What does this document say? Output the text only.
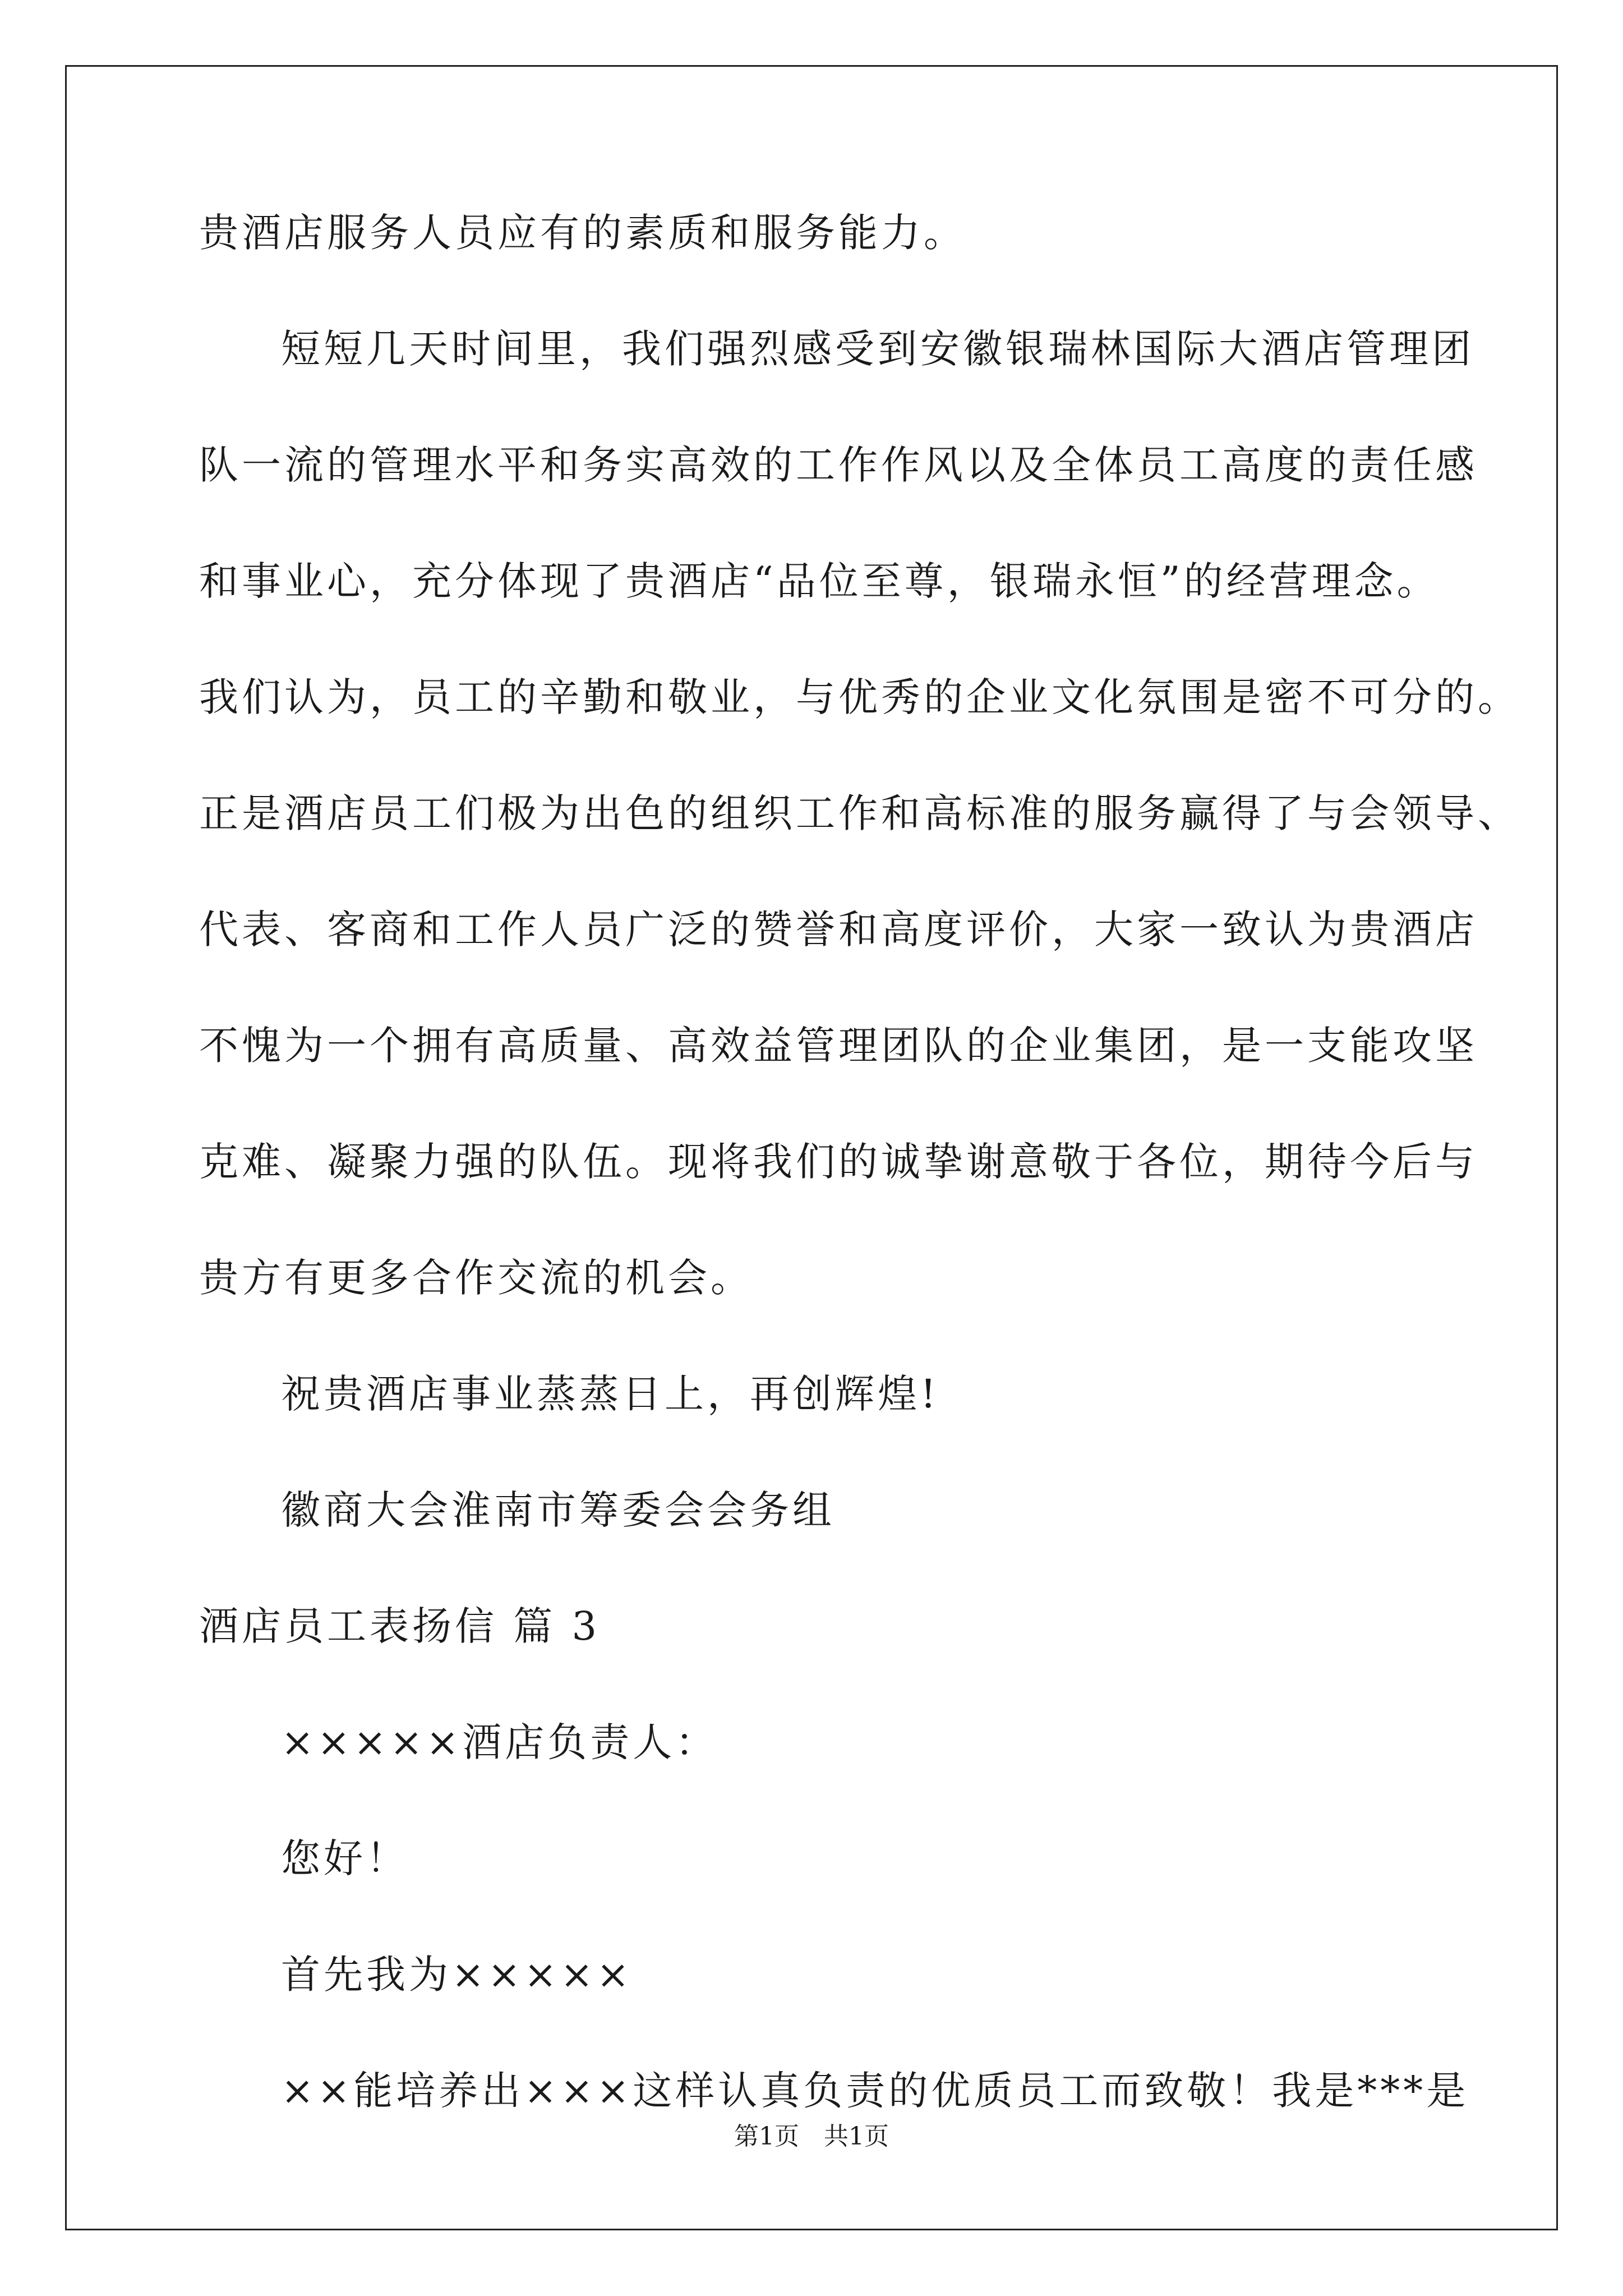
贵酒店服务人员应有的素质和服务能力。
短短几天时间里，我们强烈感受到安徽银瑞林国际大酒店管理团
队一流的管理水平和务实高效的工作作风以及全体员工高度的责任感
和事业心，充分体现了贵酒店“品位至尊，银瑞永恒”的经营理念。
我们认为，员工的辛勤和敬业，与优秀的企业文化氛围是密不可分的。
正是酒店员工们极为出色的组织工作和高标准的服务赢得了与会领导、
代表、客商和工作人员广泛的赞誉和高度评价，大家一致认为贵酒店
不愧为一个拥有高质量、高效益管理团队的企业集团，是一支能攻坚
克难、凝聚力强的队伍。现将我们的诚挚谢意敬于各位，期待今后与
贵方有更多合作交流的机会。
祝贵酒店事业蒸蒸日上，再创辉煌!
徽商大会淮南市筹委会会务组
酒店员工表扬信 篇 3
×××××酒店负责人：
您好！
首先我为×××××
××能培养出×××这样认真负责的优质员工而致敬！我是***是
第1页　共1页
